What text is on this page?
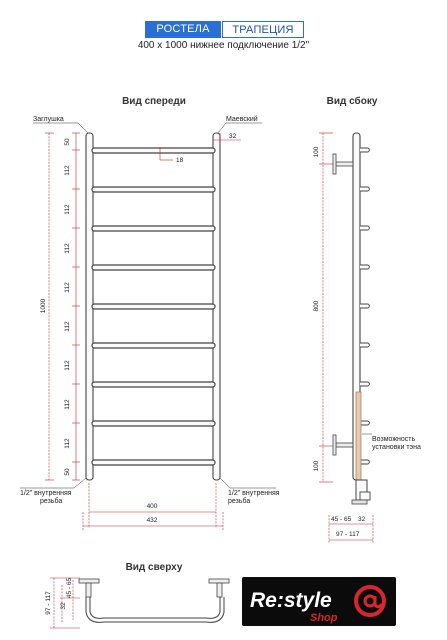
РОСТЕЛА	ТРАПЕЦИЯ
400 х 1000 нижнее подключение 1/2"
Вид спереди
112
112
112
112
112
112
112
112
50
50
1000
Заглушка	Маевский
32
18
1/2" внутренняя
резьба
1/2" внутренняя
резьба
400
432
Вид сбоку
100
800
100
Возможность
установки тэна
45 - 65 32
97 - 117
Вид сверху
97 - 117 32
45 - 65
Re:style
Shop
